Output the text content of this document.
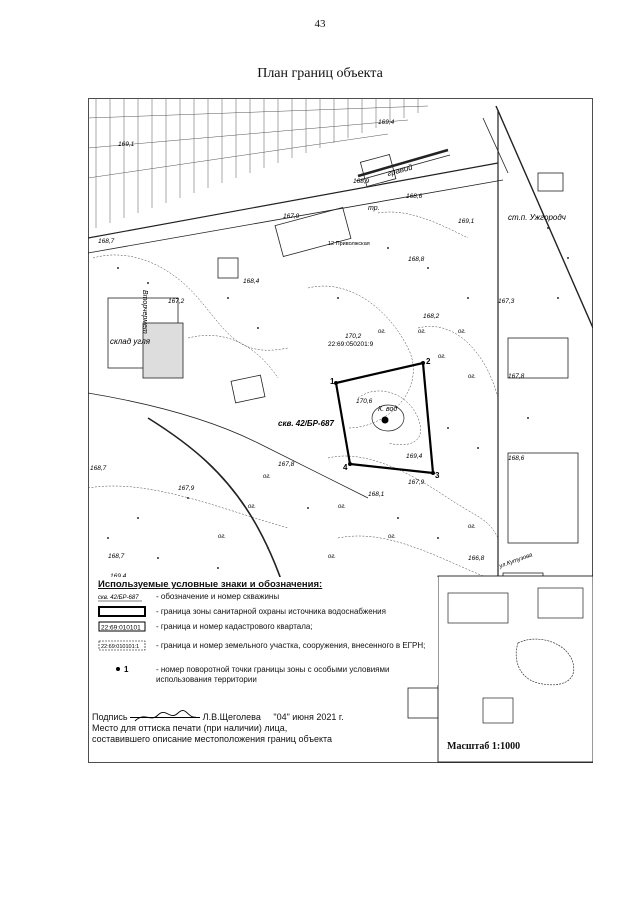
43
План границ объекта
1
2
3
4
22:69:050201:9
скв. 42/БР-687
К. вод
ст.п. Ужгородч
ул.Кутузова
гравий
Вторчермет
склад угля
12 Приволжская
тр.
ог.	ог.	ог.
ог.
ог.
ог.
ог.	ог.
ог.
ог.
ог.
ог.
169,1
169,4
168,9
168,6
169,1
167,9
168,7
167,2
168,8
168,4
170,2
168,2
167,3
167,8
170,6
169,4
167,9
168,6
167,9
168,7
167,8
168,1
166,8
168,7
Используемые условные знаки и обозначения:
скв. 42/БР-687 - обозначение и номер скважины
- граница зоны санитарной охраны источника водоснабжения
22:69:010101 - граница и номер кадастрового квартала;
22:69:010101:1 - граница и номер земельного участка, сооружения, внесенного в ЕГРН;
1	- номер поворотной точки границы зоны с особыми условиями использования территории
Подпись	Л.В.Щеголева "04" июня 2021 г.
Место для оттиска печати (при наличии) лица,
составившего описание местоположения границ объекта
Масштаб 1:1000
